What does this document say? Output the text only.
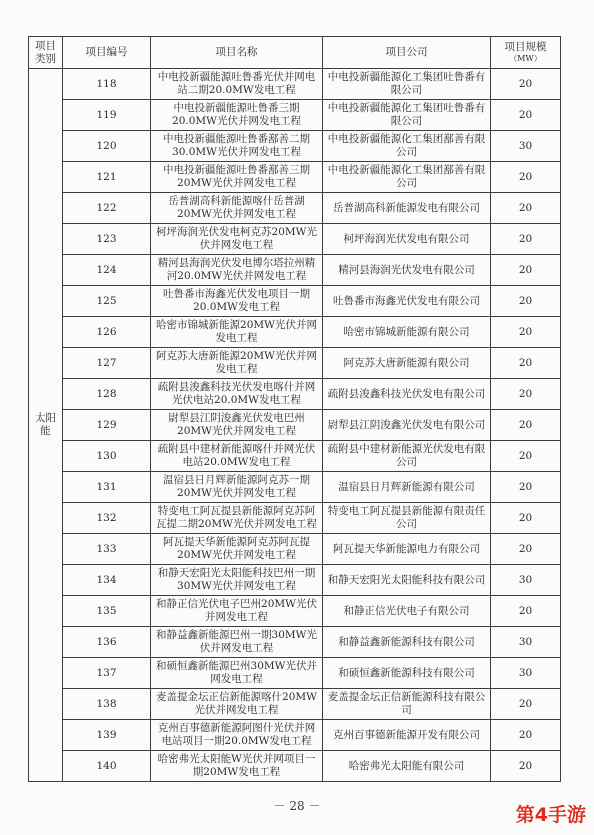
项目类别	项目编号	项目名称	项目公司	项目规模
（MW）

太阳能	118	中电投新疆能源吐鲁番光伏并网电站二期20.0MW发电工程	中电投新疆能源化工集团吐鲁番有限公司	20
	119	中电投新疆能源吐鲁番三期20.0MW光伏并网发电工程	中电投新疆能源化工集团吐鲁番有限公司	20
	120	中电投新疆能源吐鲁番鄯善二期30.0MW光伏并网发电工程	中电投新疆能源化工集团鄯善有限公司	30
	121	中电投新疆能源吐鲁番鄯善三期20MW光伏并网发电工程	中电投新疆能源化工集团鄯善有限公司	20
	122	岳普湖高科新能源喀什岳普湖20MW光伏并网发电工程	岳普湖高科新能源发电有限公司	20
	123	柯坪海润光伏发电柯克苏20MW光伏并网发电工程	柯坪海润光伏发电有限公司	20
	124	精河县海润光伏发电博尔塔拉州精河20.0MW光伏并网发电工程	精河县海润光伏发电有限公司	20
	125	吐鲁番市海鑫光伏发电项目一期20.0MW发电工程	吐鲁番市海鑫光伏发电有限公司	20
	126	哈密市锦城新能源20MW光伏并网发电工程	哈密市锦城新能源有限公司	20
	127	阿克苏大唐新能源20MW光伏并网发电工程	阿克苏大唐新能源有限公司	20
	128	疏附县浚鑫科技光伏发电喀什并网光伏电站20.0MW发电工程	疏附县浚鑫科技光伏发电有限公司	20
	129	尉犁县江阴浚鑫光伏发电巴州20MW光伏并网发电工程	尉犁县江阴浚鑫光伏发电有限公司	20
	130	疏附县中建材新能源喀什并网光伏电站20.0MW发电工程	疏附县中建材新能源光伏发电有限公司	20
	131	温宿县日月辉新能源阿克苏一期20MW光伏并网发电工程	温宿县日月辉新能源有限公司	20
	132	特变电工阿瓦提县新能源阿克苏阿瓦提二期20MW光伏并网发电工程	特变电工阿瓦提县新能源有限责任公司	20
	133	阿瓦提天华新能源阿克苏阿瓦提20MW光伏并网发电工程	阿瓦提天华新能源电力有限公司	20
	134	和静天宏阳光太阳能科技巴州一期30MW光伏并网发电工程	和静天宏阳光太阳能科技有限公司	30
	135	和静正信光伏电子巴州20MW光伏并网发电工程	和静正信光伏电子有限公司	20
	136	和静益鑫新能源巴州一期30MW光伏并网发电工程	和静益鑫新能源科技有限公司	30
	137	和硕恒鑫新能源巴州30MW光伏并网发电工程	和硕恒鑫新能源科技有限公司	30
	138	麦盖提金坛正信新能源喀什20MW光伏并网发电工程	麦盖提金坛正信新能源科技有限公司	20
	139	克州百事德新能源阿图什光伏并网电站项目一期20.0MW发电工程	克州百事德新能源开发有限公司	20
	140	哈密弗光太阳能W光伏并网项目一期20MW发电工程	哈密弗光太阳能有限公司	20
－ 28 －	第4手游
